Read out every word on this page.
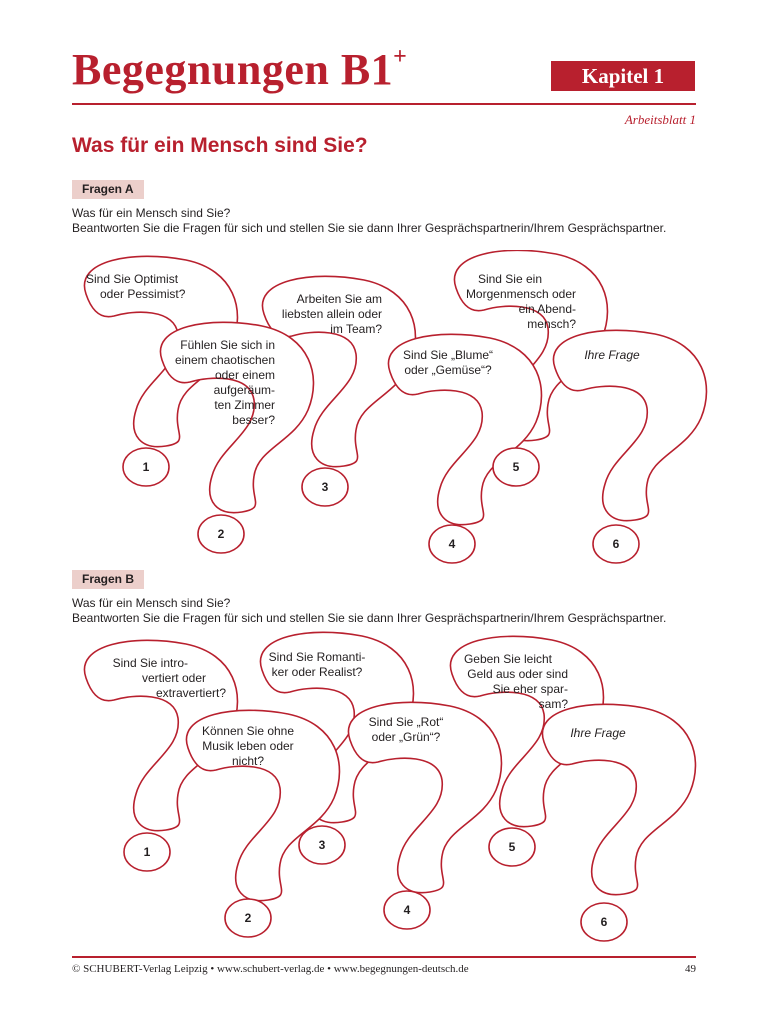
Begegnungen B1+
Kapitel 1
Arbeitsblatt 1
Was für ein Mensch sind Sie?
Fragen A
Was für ein Mensch sind Sie?
Beantworten Sie die Fragen für sich und stellen Sie sie dann Ihrer Gesprächspartnerin/Ihrem Gesprächspartner.
Sind Sie Optimist
oder Pessimist?
Fühlen Sie sich in
einem chaotischen
oder einem
aufgeräum-
ten Zimmer
besser?
Arbeiten Sie am
liebsten allein oder
im Team?
Sind Sie „Blume“
oder „Gemüse“?
Sind Sie ein
Morgenmensch oder
ein Abend-
mensch?
Ihre Frage
1
2
3
4
5
6
Fragen B
Was für ein Mensch sind Sie?
Beantworten Sie die Fragen für sich und stellen Sie sie dann Ihrer Gesprächspartnerin/Ihrem Gesprächspartner.
Sind Sie intro-
vertiert oder
extravertiert?
Können Sie ohne
Musik leben oder
nicht?
Sind Sie Romanti-
ker oder Realist?
Sind Sie „Rot“
oder „Grün“?
Geben Sie leicht
Geld aus oder sind
Sie eher spar-
sam?
Ihre Frage
1
2
3
4
5
6
© SCHUBERT-Verlag Leipzig • www.schubert-verlag.de • www.begegnungen-deutsch.de	49
